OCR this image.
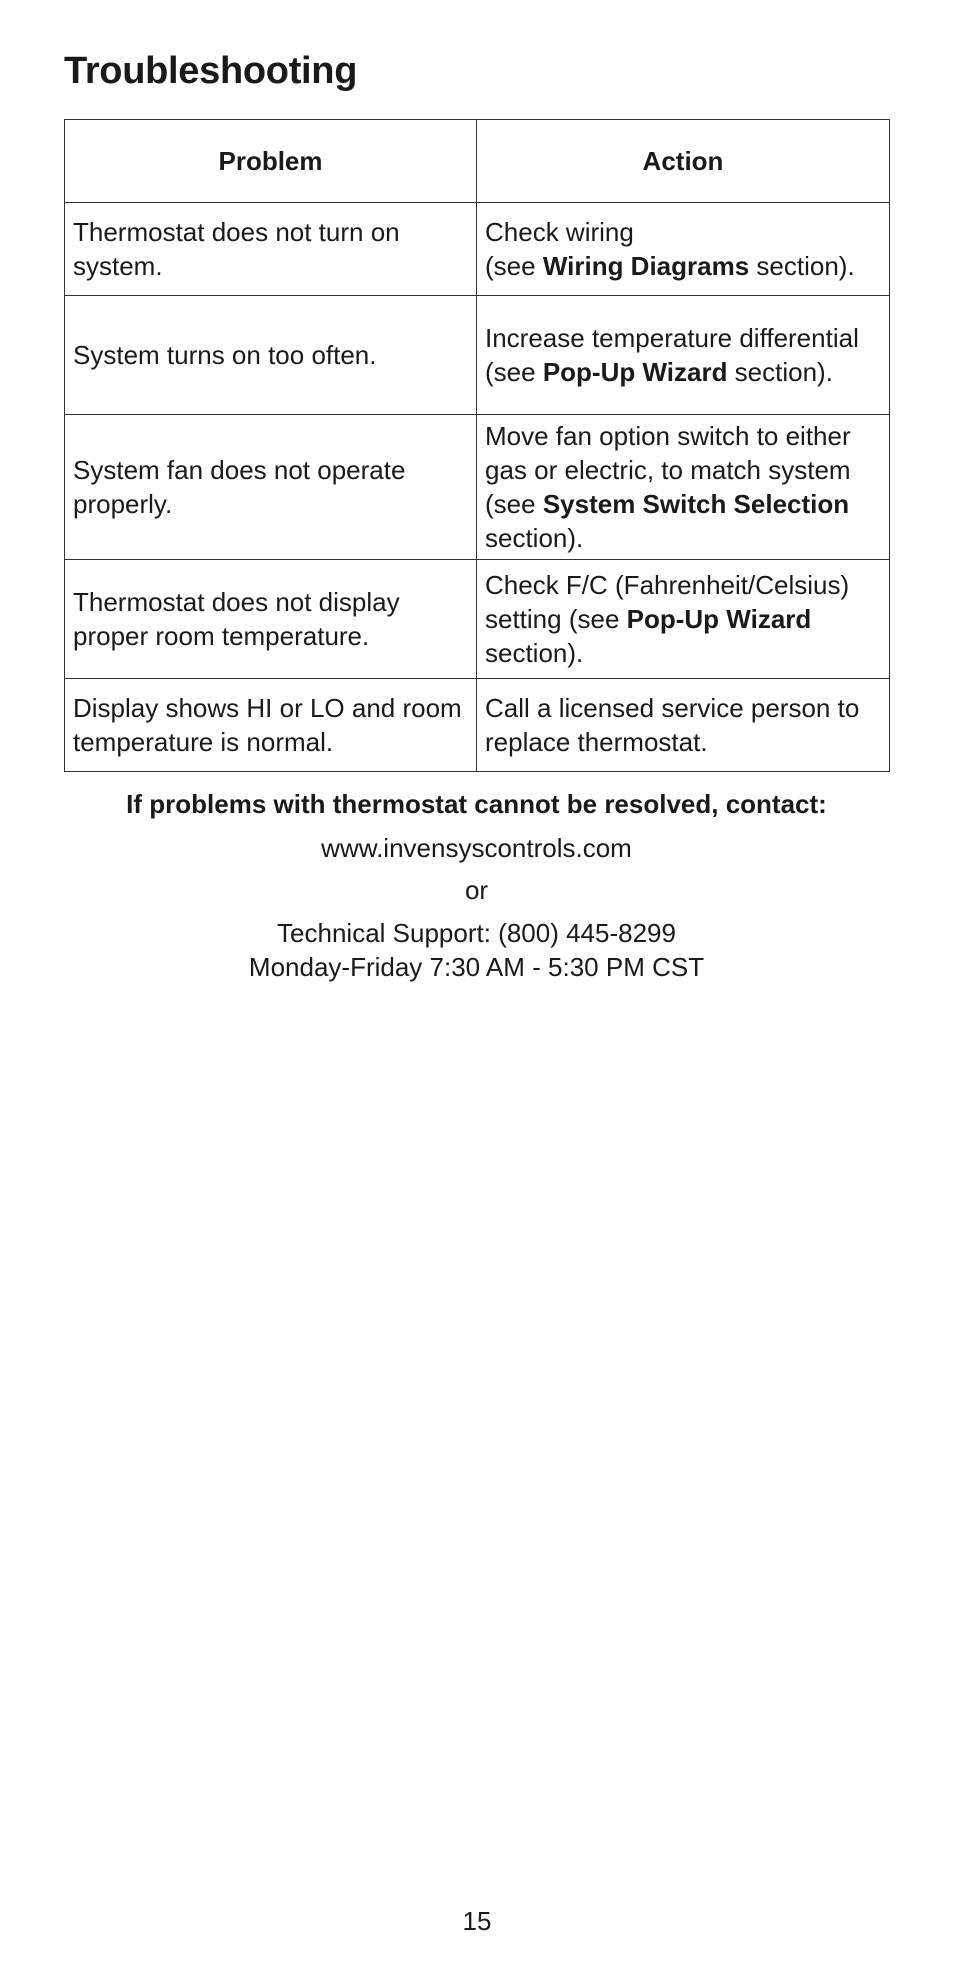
Troubleshooting
Problem	Action
Thermostat does not turn on system.	Check wiring
(see Wiring Diagrams section).
System turns on too often.	Increase temperature differential
(see Pop-Up Wizard section).
System fan does not operate properly.	Move fan option switch to either gas or electric, to match system
(see System Switch Selection
section).
Thermostat does not display proper room temperature.	Check F/C (Fahrenheit/Celsius) setting (see Pop-Up Wizard
section).
Display shows HI or LO and room temperature is normal.	Call a licensed service person to replace thermostat.
If problems with thermostat cannot be resolved, contact:
www.invensyscontrols.com
or
Technical Support: (800) 445-8299
Monday-Friday 7:30 AM - 5:30 PM CST
15
